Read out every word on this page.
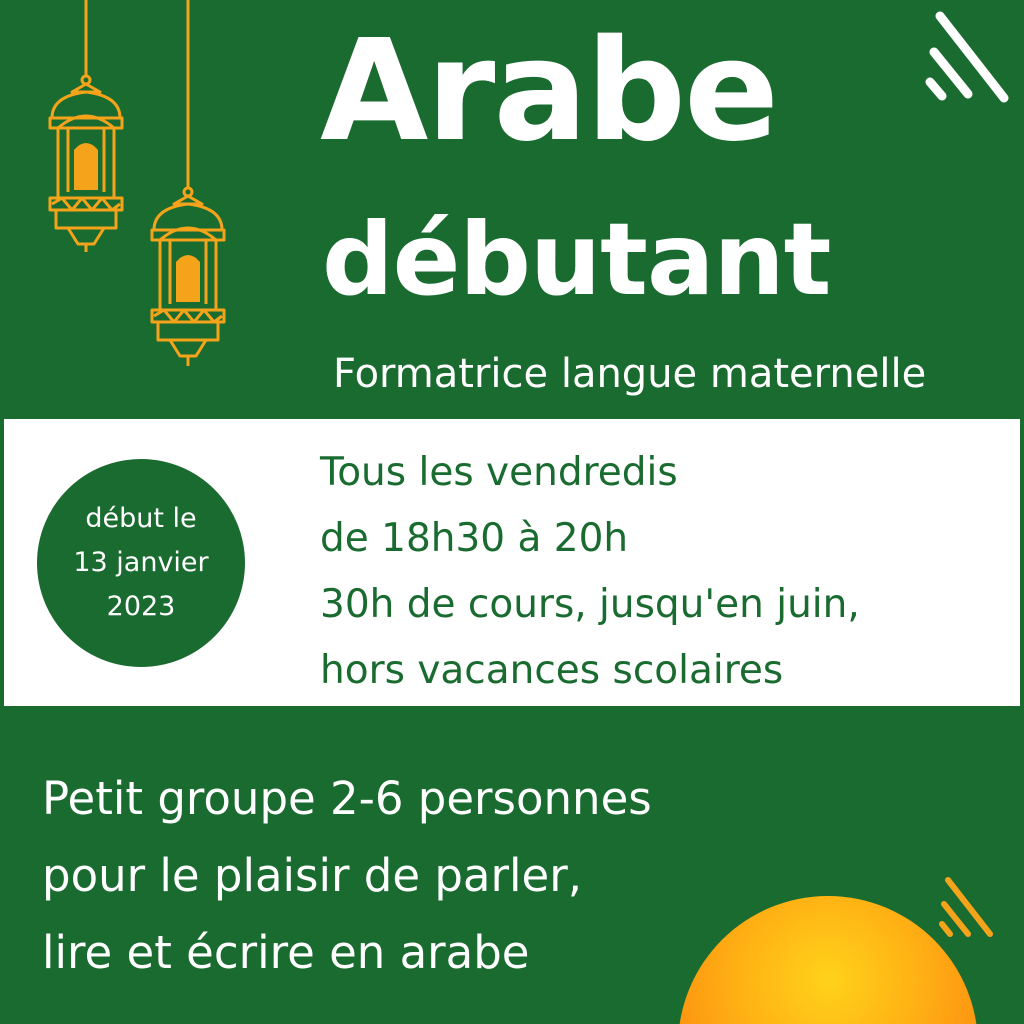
Arabe
débutant
Formatrice langue maternelle
début le
13 janvier
2023
Tous les vendredis
de 18h30 à 20h
30h de cours, jusqu'en juin,
hors vacances scolaires
Petit groupe 2-6 personnes
pour le plaisir de parler,
lire et écrire en arabe
